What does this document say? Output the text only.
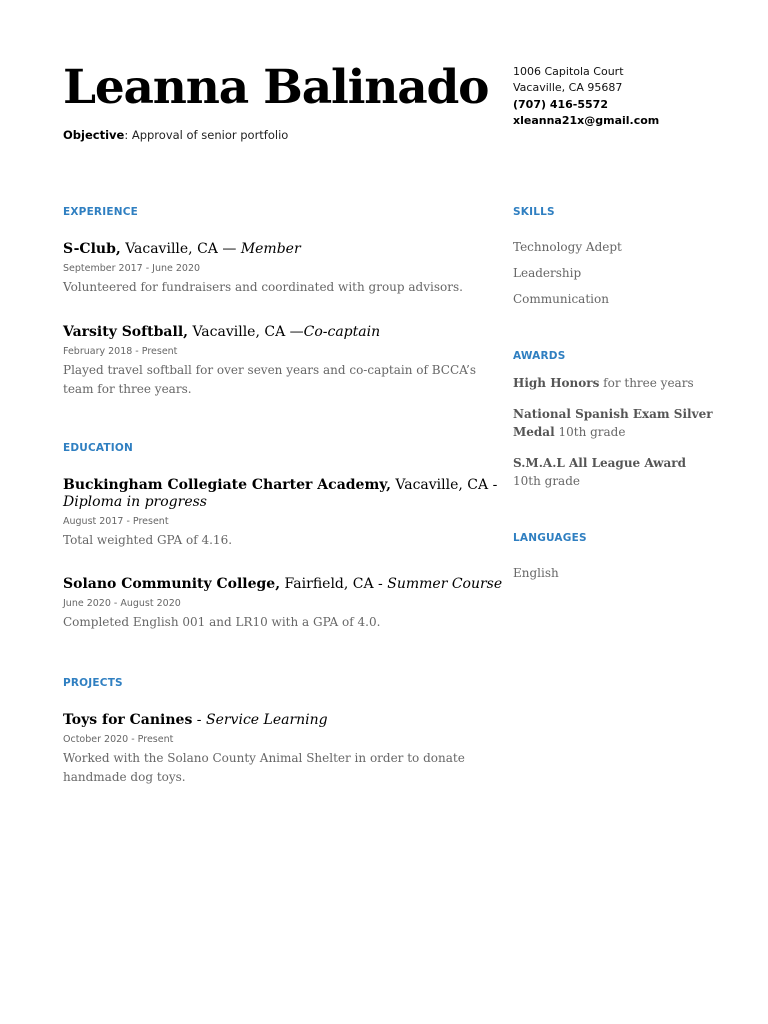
Leanna Balinado
Objective: Approval of senior portfolio
1006 Capitola Court
Vacaville, CA 95687
(707) 416-5572
xleanna21x@gmail.com
EXPERIENCE
S-Club, Vacaville, CA — Member
September 2017 - June 2020
Volunteered for fundraisers and coordinated with group advisors.
Varsity Softball, Vacaville, CA —Co-captain
February 2018 - Present
Played travel softball for over seven years and co-captain of BCCA’s team for three years.
EDUCATION
Buckingham Collegiate Charter Academy, Vacaville, CA -
Diploma in progress
August 2017 - Present
Total weighted GPA of 4.16.
Solano Community College, Fairfield, CA - Summer Course
June 2020 - August 2020
Completed English 001 and LR10 with a GPA of 4.0.
PROJECTS
Toys for Canines - Service Learning
October 2020 - Present
Worked with the Solano County Animal Shelter in order to donate handmade dog toys.
SKILLS
Technology Adept
Leadership
Communication
AWARDS
High Honors for three years
National Spanish Exam Silver Medal 10th grade
S.M.A.L All League Award
10th grade
LANGUAGES
English
